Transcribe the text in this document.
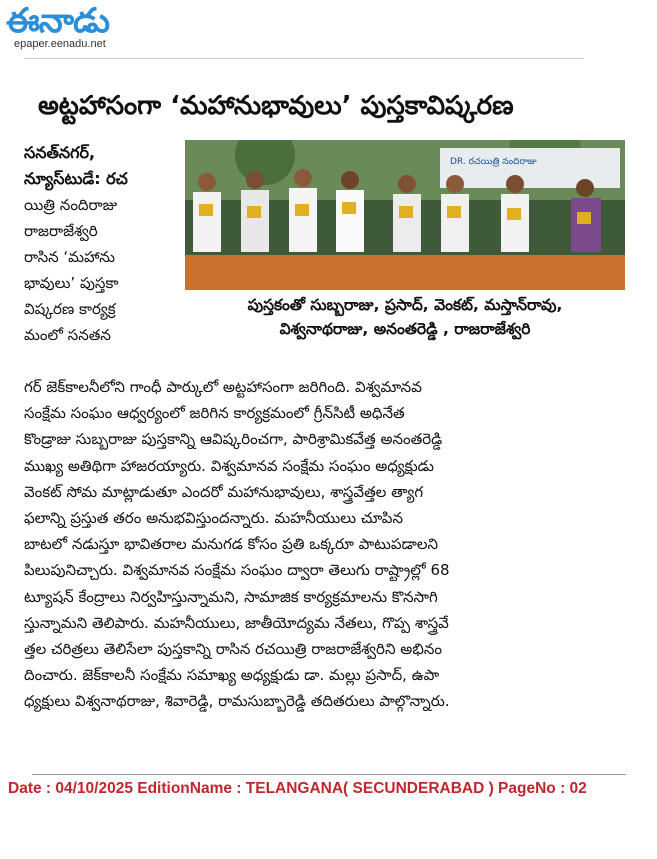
ఈనాడు
epaper.eenadu.net
అట్టహాసంగా ‘మహానుభావులు’ పుస్తకావిష్కరణ
DR. రచయిత్రి నందిరాజు
పుస్తకంతో సుబ్బరాజు, ప్రసాద్, వెంకట్, మస్తాన్‌రావు,
విశ్వనాథరాజు, అనంతరెడ్డి , రాజరాజేశ్వరి
సనత్‌నగర్,
న్యూస్‌టుడే: రచ
యిత్రి నందిరాజు
రాజరాజేశ్వరి
రాసిన ‘మహాను
భావులు’ పుస్తకా
విష్కరణ కార్యక్ర
మంలో సనతన
గర్ జెక్‌కాలనీలోని గాంధీ పార్కులో అట్టహాసంగా జరిగింది. విశ్వమానవ
సంక్షేమ సంఘం ఆధ్వర్యంలో జరిగిన కార్యక్రమంలో గ్రీన్‌సిటీ అధినేత
కొండ్రాజు సుబ్బరాజు పుస్తకాన్ని ఆవిష్కరించగా, పారిశ్రామికవేత్త అనంతరెడ్డి
ముఖ్య అతిథిగా హాజరయ్యారు. విశ్వమానవ సంక్షేమ సంఘం అధ్యక్షుడు
వెంకట్ సోమ మాట్లాడుతూ ఎందరో మహానుభావులు, శాస్త్రవేత్తల త్యాగ
ఫలాన్ని ప్రస్తుత తరం అనుభవిస్తుందన్నారు. మహనీయులు చూపిన
బాటలో నడుస్తూ భావితరాల మనుగడ కోసం ప్రతి ఒక్కరూ పాటుపడాలని
పిలుపునిచ్చారు. విశ్వమానవ సంక్షేమ సంఘం ద్వారా తెలుగు రాష్ట్రాల్లో 68
ట్యూషన్ కేంద్రాలు నిర్వహిస్తున్నామని, సామాజిక కార్యక్రమాలను కొనసాగి
స్తున్నామని తెలిపారు. మహనీయులు, జాతీయోద్యమ నేతలు, గొప్ప శాస్త్రవే
త్తల చరిత్రలు తెలిసేలా పుస్తకాన్ని రాసిన రచయిత్రి రాజరాజేశ్వరిని అభినం
దించారు. జెక్‌కాలనీ సంక్షేమ సమాఖ్య అధ్యక్షుడు డా. మల్లు ప్రసాద్, ఉపా
ధ్యక్షులు విశ్వనాథరాజు, శివారెడ్డి, రామసుబ్బారెడ్డి తదితరులు పాల్గొన్నారు.
Date : 04/10/2025 EditionName : TELANGANA( SECUNDERABAD ) PageNo : 02
